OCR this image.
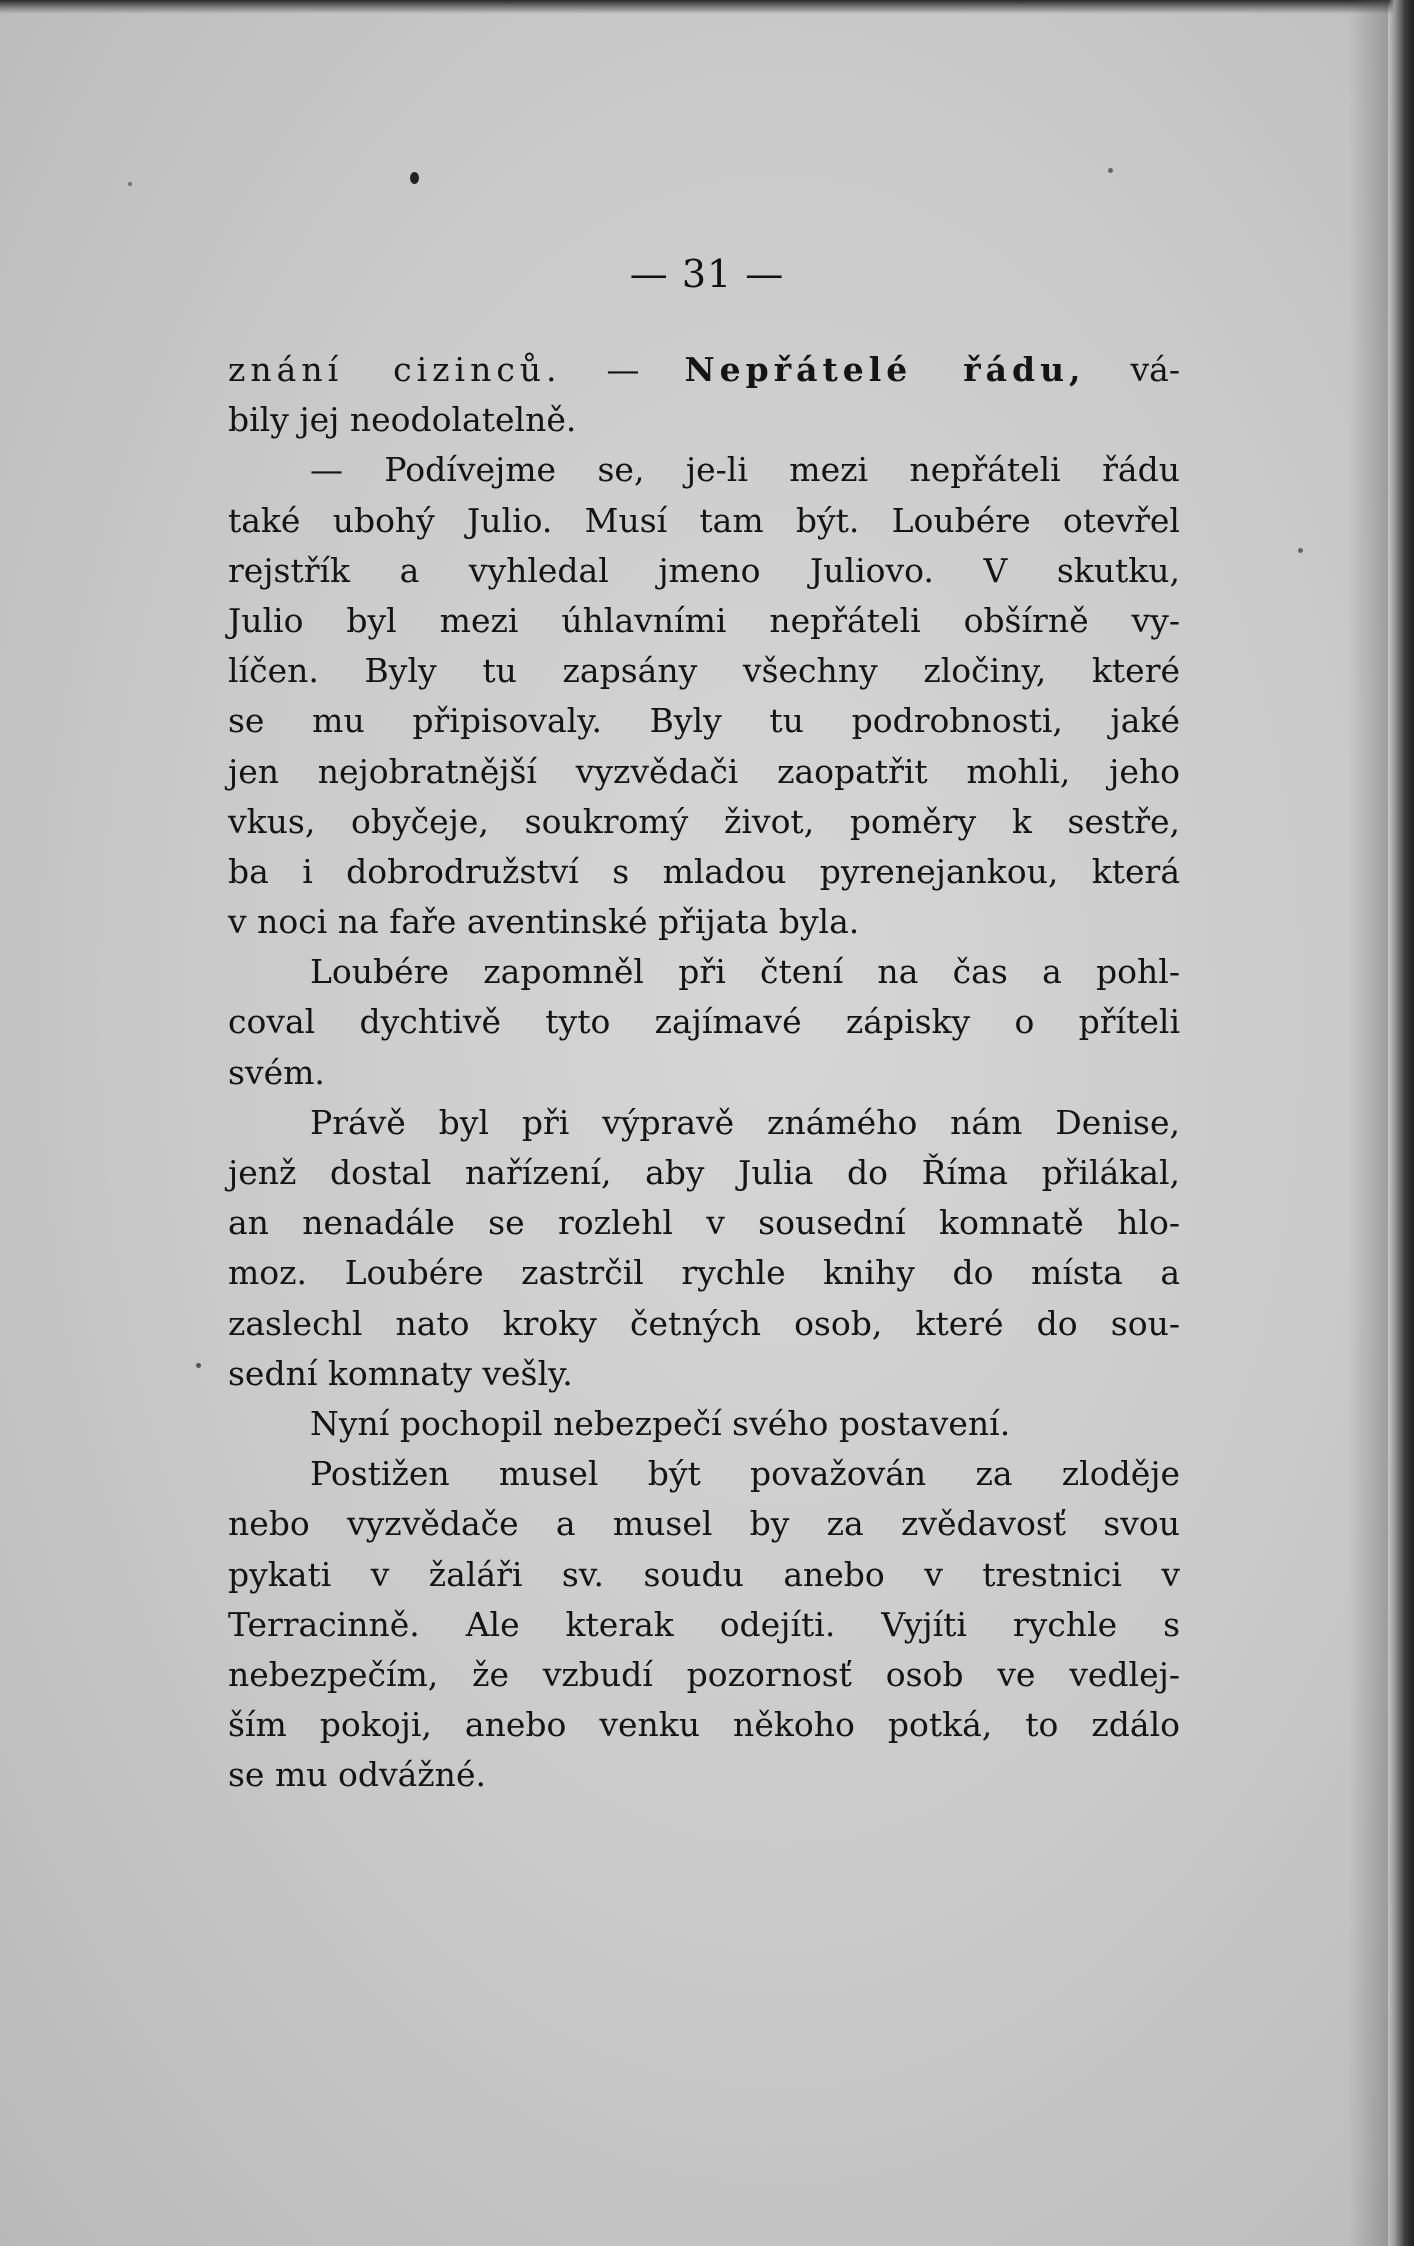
— 31 —
znání cizinců. — Nepřátelé řádu, vá-
bily jej neodolatelně.
— Podívejme se, je-li mezi nepřáteli řádu
také ubohý Julio. Musí tam být. Loubére otevřel
rejstřík a vyhledal jmeno Juliovo. V skutku,
Julio byl mezi úhlavními nepřáteli obšírně vy-
líčen. Byly tu zapsány všechny zločiny, které
se mu připisovaly. Byly tu podrobnosti, jaké
jen nejobratnější vyzvědači zaopatřit mohli, jeho
vkus, obyčeje, soukromý život, poměry k sestře,
ba i dobrodružství s mladou pyrenejankou, která
v noci na faře aventinské přijata byla.
Loubére zapomněl při čtení na čas a pohl-
coval dychtivě tyto zajímavé zápisky o příteli
svém.
Právě byl při výpravě známého nám Denise,
jenž dostal nařízení, aby Julia do Říma přilákal,
an nenadále se rozlehl v sousední komnatě hlo-
moz. Loubére zastrčil rychle knihy do místa a
zaslechl nato kroky četných osob, které do sou-
sední komnaty vešly.
Nyní pochopil nebezpečí svého postavení.
Postižen musel být považován za zloděje
nebo vyzvědače a musel by za zvědavosť svou
pykati v žaláři sv. soudu anebo v trestnici v
Terracinně. Ale kterak odejíti. Vyjíti rychle s
nebezpečím, že vzbudí pozornosť osob ve vedlej-
ším pokoji, anebo venku někoho potká, to zdálo
se mu odvážné.
